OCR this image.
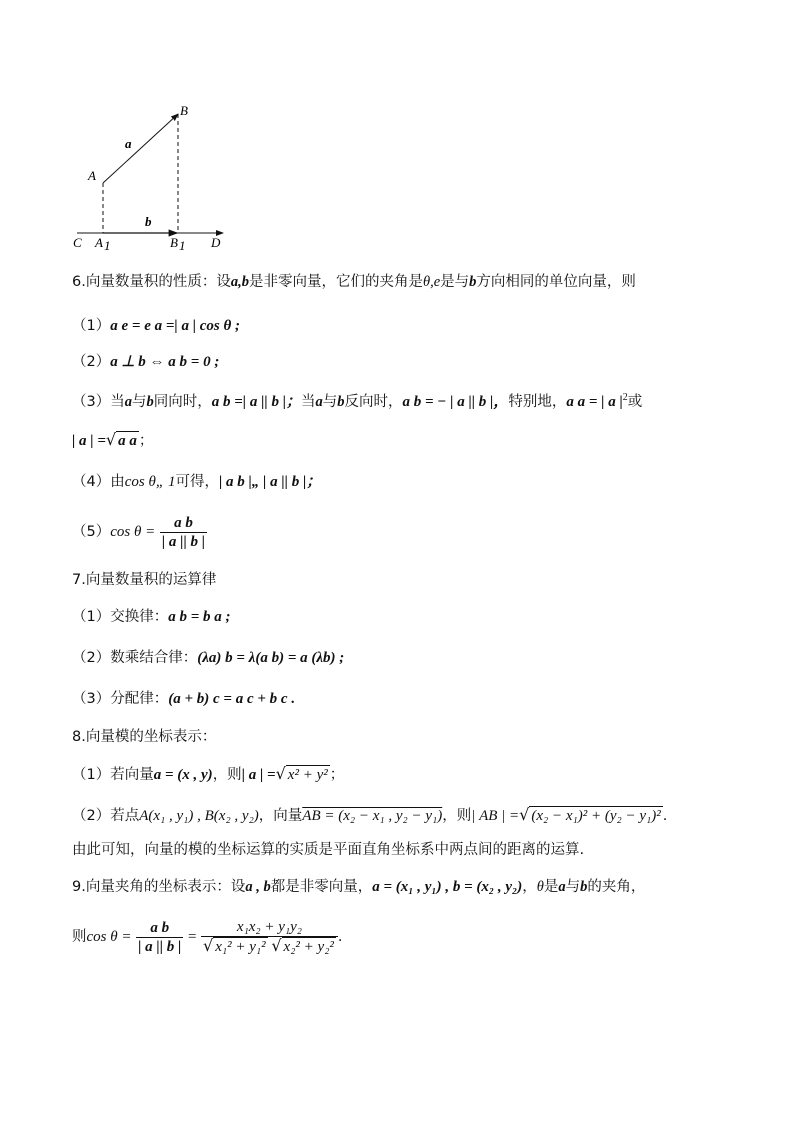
B
a
A
b
C A 1	B 1 D
6.向量数量积的性质：设a,b是非零向量，它们的夹角是θ,e是与b方向相同的单位向量，则
（1）a e = e a =| a | cos θ ;
（2）a ⊥ b ⇔ a b = 0 ;
（3）当a与b同向时，a b =| a || b |；当a与b反向时，a b = − | a || b |，特别地，a a = | a $|^2$或
| a | =√ a a ；
（4）由cos θ„ 1可得，| a b |„ | a || b |；
（5）cos $\theta = \frac{\text{a b}}{| a || b |}$
7.向量数量积的运算律
（1）交换律：a b = b a ;
（2）数乘结合律：(λa) b = λ(a b) = a (λb) ;
（3）分配律：(a + b) c = a c + b c .
8.向量模的坐标表示：
（1）若向量a = (x , y)，则| a | =√ x² + y² ；
（2）若点A(x₁ , y₁) , B(x₂ , y₂)，向量AB = (x₂ − x₁ , y₂ − y₁)，则| AB | =√ (x₂ − x₁)² + (y₂ − y₁)² .
由此可知，向量的模的坐标运算的实质是平面直角坐标系中两点间的距离的运算.
9.向量夹角的坐标表示：设a , b都是非零向量，a = (x₁ , y₁) , b = (x₂ , y₂)，θ是a与b的夹角，
则$\cos \theta = \frac{\text{a b}}{| a || b |} = \frac{\text{x₁x₂ + y₁y₂}}{\text{√ x₁² + y₁² √ x₂² + y₂²}}$ .
